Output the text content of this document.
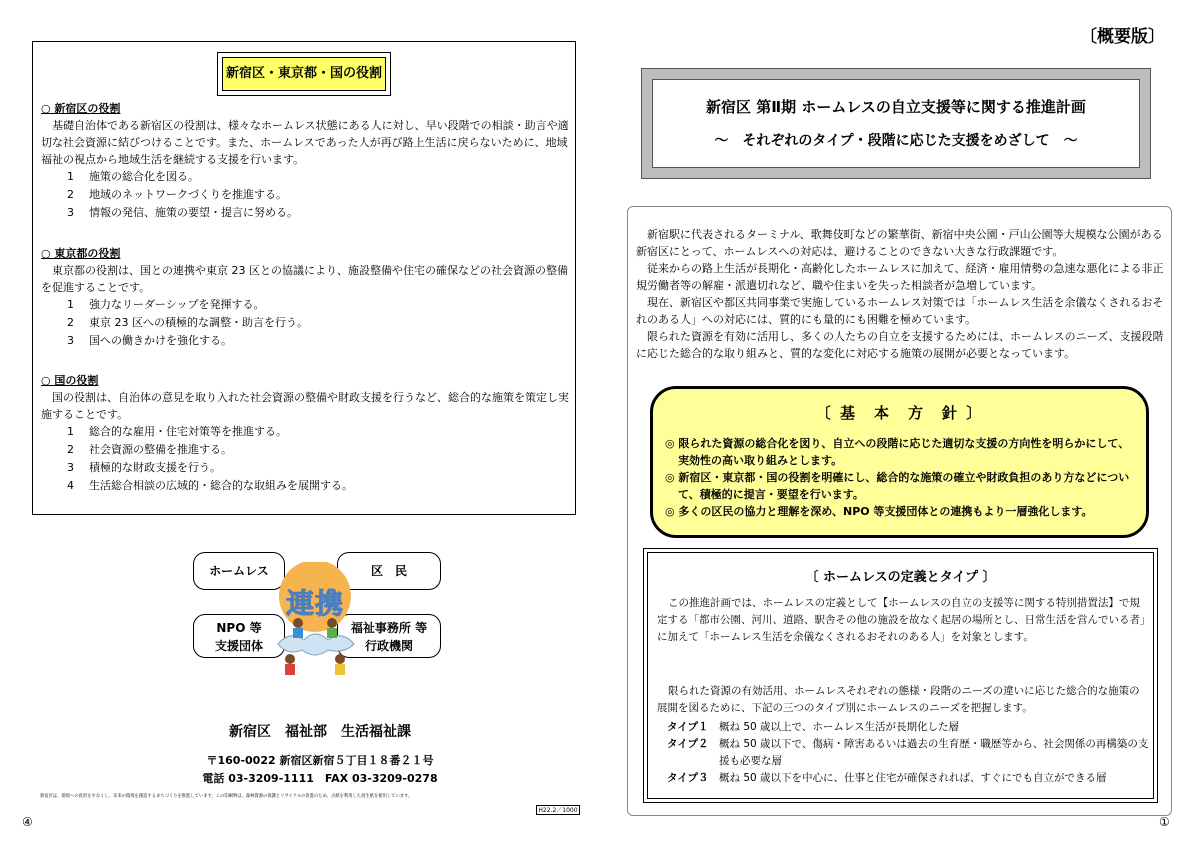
新宿区・東京都・国の役割
○ 新宿区の役割
基礎自治体である新宿区の役割は、様々なホームレス状態にある人に対し、早い段階での相談・助言や適切な社会資源に結びつけることです。また、ホームレスであった人が再び路上生活に戻らないために、地域福祉の視点から地域生活を継続する支援を行います。
1 施策の総合化を図る。
2 地域のネットワークづくりを推進する。
3 情報の発信、施策の要望・提言に努める。
○ 東京都の役割
東京都の役割は、国との連携や東京 23 区との協議により、施設整備や住宅の確保などの社会資源の整備を促進することです。
1 強力なリーダーシップを発揮する。
2 東京 23 区への積極的な調整・助言を行う。
3 国への働きかけを強化する。
○ 国の役割
国の役割は、自治体の意見を取り入れた社会資源の整備や財政支援を行うなど、総合的な施策を策定し実施することです。
1 総合的な雇用・住宅対策等を推進する。
2 社会資源の整備を推進する。
3 積極的な財政支援を行う。
4 生活総合相談の広域的・総合的な取組みを展開する。
ホームレス	区　民
NPO 等
支援団体
福祉事務所 等
行政機関
連携
新宿区　福祉部　生活福祉課
〒160-0022 新宿区新宿５丁目１８番２１号
電話 03-3209-1111　FAX 03-3209-0278
新宿区は、環境への負担を少なくし、未来の環境を創造するまちづくりを推進しています。この印刷物は、森林資源の保護とリサイクルの促進のため、古紙を利用した再生紙を使用しています。
H22.2／1000
④
〔概要版〕
新宿区 第Ⅱ期 ホームレスの自立支援等に関する推進計画
～　それぞれのタイプ・段階に応じた支援をめざして　～
新宿駅に代表されるターミナル、歌舞伎町などの繁華街、新宿中央公園・戸山公園等大規模な公園がある新宿区にとって、ホームレスへの対応は、避けることのできない大きな行政課題です。
従来からの路上生活が長期化・高齢化したホームレスに加えて、経済・雇用情勢の急速な悪化による非正規労働者等の解雇・派遣切れなど、職や住まいを失った相談者が急増しています。
現在、新宿区や都区共同事業で実施しているホームレス対策では「ホームレス生活を余儀なくされるおそれのある人」への対応には、質的にも量的にも困難を極めています。
限られた資源を有効に活用し、多くの人たちの自立を支援するためには、ホームレスのニーズ、支援段階に応じた総合的な取り組みと、質的な変化に対応する施策の展開が必要となっています。
〔 基　本　方　針 〕
◎ 限られた資源の総合化を図り、自立への段階に応じた適切な支援の方向性を明らかにして、実効性の高い取り組みとします。
◎ 新宿区・東京都・国の役割を明確にし、総合的な施策の確立や財政負担のあり方などについて、積極的に提言・要望を行います。
◎ 多くの区民の協力と理解を深め、NPO 等支援団体との連携もより一層強化します。
〔 ホームレスの定義とタイプ 〕
この推進計画では、ホームレスの定義として【ホームレスの自立の支援等に関する特別措置法】で規定する「都市公園、河川、道路、駅舎その他の施設を故なく起居の場所とし、日常生活を営んでいる者」に加えて「ホームレス生活を余儀なくされるおそれのある人」を対象とします。
限られた資源の有効活用、ホームレスそれぞれの態様・段階のニーズの違いに応じた総合的な施策の展開を図るために、下記の三つのタイプ別にホームレスのニーズを把握します。
タイプ１	概ね 50 歳以上で、ホームレス生活が長期化した層
タイプ２	概ね 50 歳以下で、傷病・障害あるいは過去の生育歴・職歴等から、社会関係の再構築の支援も必要な層
タイプ３	概ね 50 歳以下を中心に、仕事と住宅が確保されれば、すぐにでも自立ができる層
①
